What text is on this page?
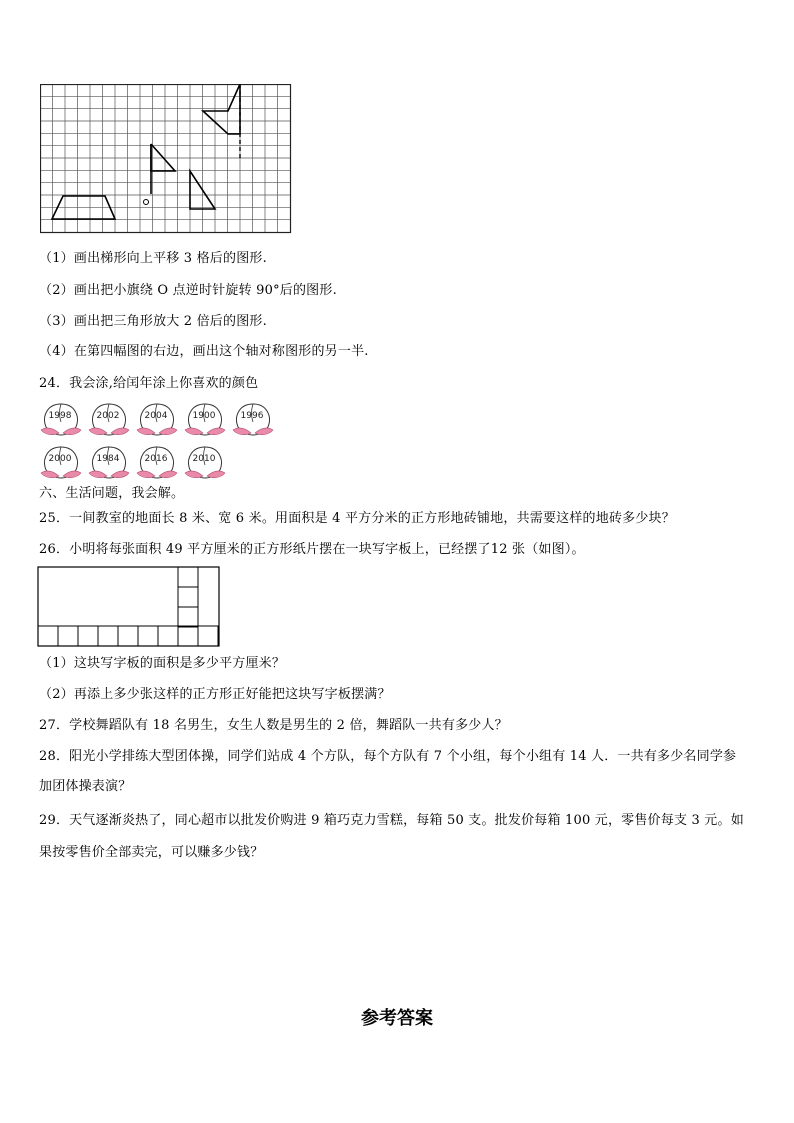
（1）画出梯形向上平移 3 格后的图形.
（2）画出把小旗绕 O 点逆时针旋转 90°后的图形.
（3）画出把三角形放大 2 倍后的图形.
（4）在第四幅图的右边，画出这个轴对称图形的另一半.
24．我会涂,给闰年涂上你喜欢的颜色
1998	2002	2004	1900	1996
2000	1984	2016	2010
六、生活问题，我会解。
25．一间教室的地面长 8 米、宽 6 米。用面积是 4 平方分米的正方形地砖铺地，共需要这样的地砖多少块？
26．小明将每张面积 49 平方厘米的正方形纸片摆在一块写字板上，已经摆了12 张（如图）。
（1）这块写字板的面积是多少平方厘米？
（2）再添上多少张这样的正方形正好能把这块写字板摆满？
27．学校舞蹈队有 18 名男生，女生人数是男生的 2 倍，舞蹈队一共有多少人？
28．阳光小学排练大型团体操，同学们站成 4 个方队，每个方队有 7 个小组，每个小组有 14 人．一共有多少名同学参
加团体操表演？
29．天气逐渐炎热了，同心超市以批发价购进 9 箱巧克力雪糕，每箱 50 支。批发价每箱 100 元，零售价每支 3 元。如
果按零售价全部卖完，可以赚多少钱？
参考答案
